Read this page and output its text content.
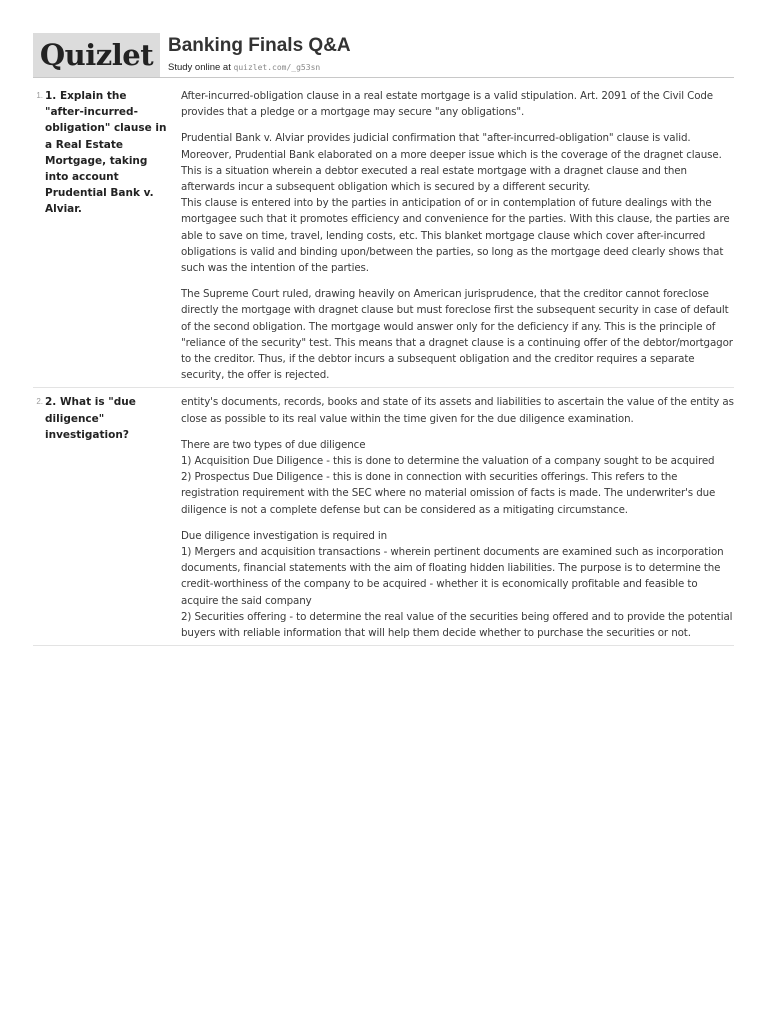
Quizlet Banking Finals Q&A
Study online at quizlet.com/_g53sn
1. 1. Explain the "after-incurred-obligation" clause in a Real Estate Mortgage, taking into account Prudential Bank v. Alviar.

After-incurred-obligation clause in a real estate mortgage is a valid stipulation. Art. 2091 of the Civil Code provides that a pledge or a mortgage may secure "any obligations".

Prudential Bank v. Alviar provides judicial confirmation that "after-incurred-obligation" clause is valid. Moreover, Prudential Bank elaborated on a more deeper issue which is the coverage of the dragnet clause. This is a situation wherein a debtor executed a real estate mortgage with a dragnet clause and then afterwards incur a subsequent obligation which is secured by a different security.

This clause is entered into by the parties in anticipation of or in contemplation of future dealings with the mortgagee such that it promotes efficiency and convenience for the parties. With this clause, the parties are able to save on time, travel, lending costs, etc. This blanket mortgage clause which cover after-incurred obligations is valid and binding upon/between the parties, so long as the mortgage deed clearly shows that such was the intention of the parties.

The Supreme Court ruled, drawing heavily on American jurisprudence, that the creditor cannot foreclose directly the mortgage with dragnet clause but must foreclose first the subsequent security in case of default of the second obligation. The mortgage would answer only for the deficiency if any. This is the principle of "reliance of the security" test. This means that a dragnet clause is a continuing offer of the debtor/mortgagor to the creditor. Thus, if the debtor incurs a subsequent obligation and the creditor requires a separate security, the offer is rejected.

2. 2. What is "due diligence" investigation?

entity's documents, records, books and state of its assets and liabilities to ascertain the value of the entity as close as possible to its real value within the time given for the due diligence examination.

There are two types of due diligence

1) Acquisition Due Diligence - this is done to determine the valuation of a company sought to be acquired

2) Prospectus Due Diligence - this is done in connection with securities offerings. This refers to the registration requirement with the SEC where no material omission of facts is made. The underwriter's due diligence is not a complete defense but can be considered as a mitigating circumstance.

Due diligence investigation is required in

1) Mergers and acquisition transactions - wherein pertinent documents are examined such as incorporation documents, financial statements with the aim of floating hidden liabilities. The purpose is to determine the credit-worthiness of the company to be acquired - whether it is economically profitable and feasible to acquire the said company

2) Securities offering - to determine the real value of the securities being offered and to provide the potential buyers with reliable information that will help them decide whether to purchase the securities or not.
